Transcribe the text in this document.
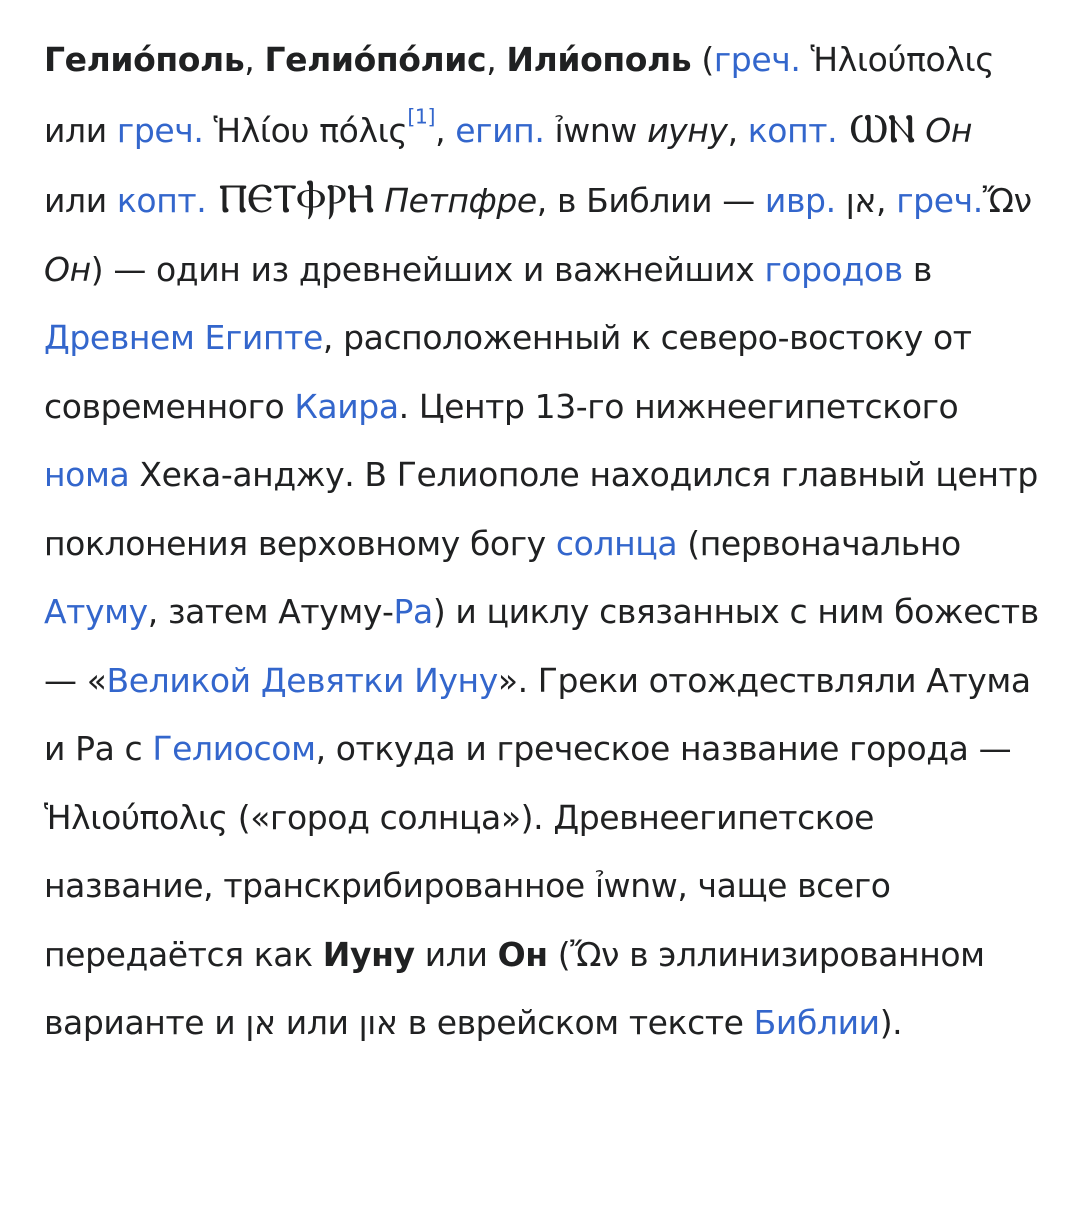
Гелио́поль, Гелио́по́лис, Или́ополь (греч. Ἡλιούπολις или греч. Ἡλίου πόλις[1], егип. ỉwnw иуну, копт. ⲰⲚ Он или копт. ⲠⲈⲦⲪⲢⲎ Петпфре, в Библии — ивр. אן, греч.Ὤν Он) — один из древнейших и важнейших городов в Древнем Египте, расположенный к северо-востоку от современного Каира. Центр 13-го нижнеегипетского нома Хека-анджу. В Гелиополе находился главный центр поклонения верховному богу солнца (первоначально Атуму, затем Атуму-Ра) и циклу связанных с ним божеств — «Великой Девятки Иуну». Греки отождествляли Атума и Ра с Гелиосом, откуда и греческое название города — Ἡλιούπολις («город солнца»). Древнеегипетское название, транскрибированное ỉwnw, чаще всего передаётся как Иуну или Он (Ὤν в эллинизированном варианте и אן или און в еврейском тексте Библии).
